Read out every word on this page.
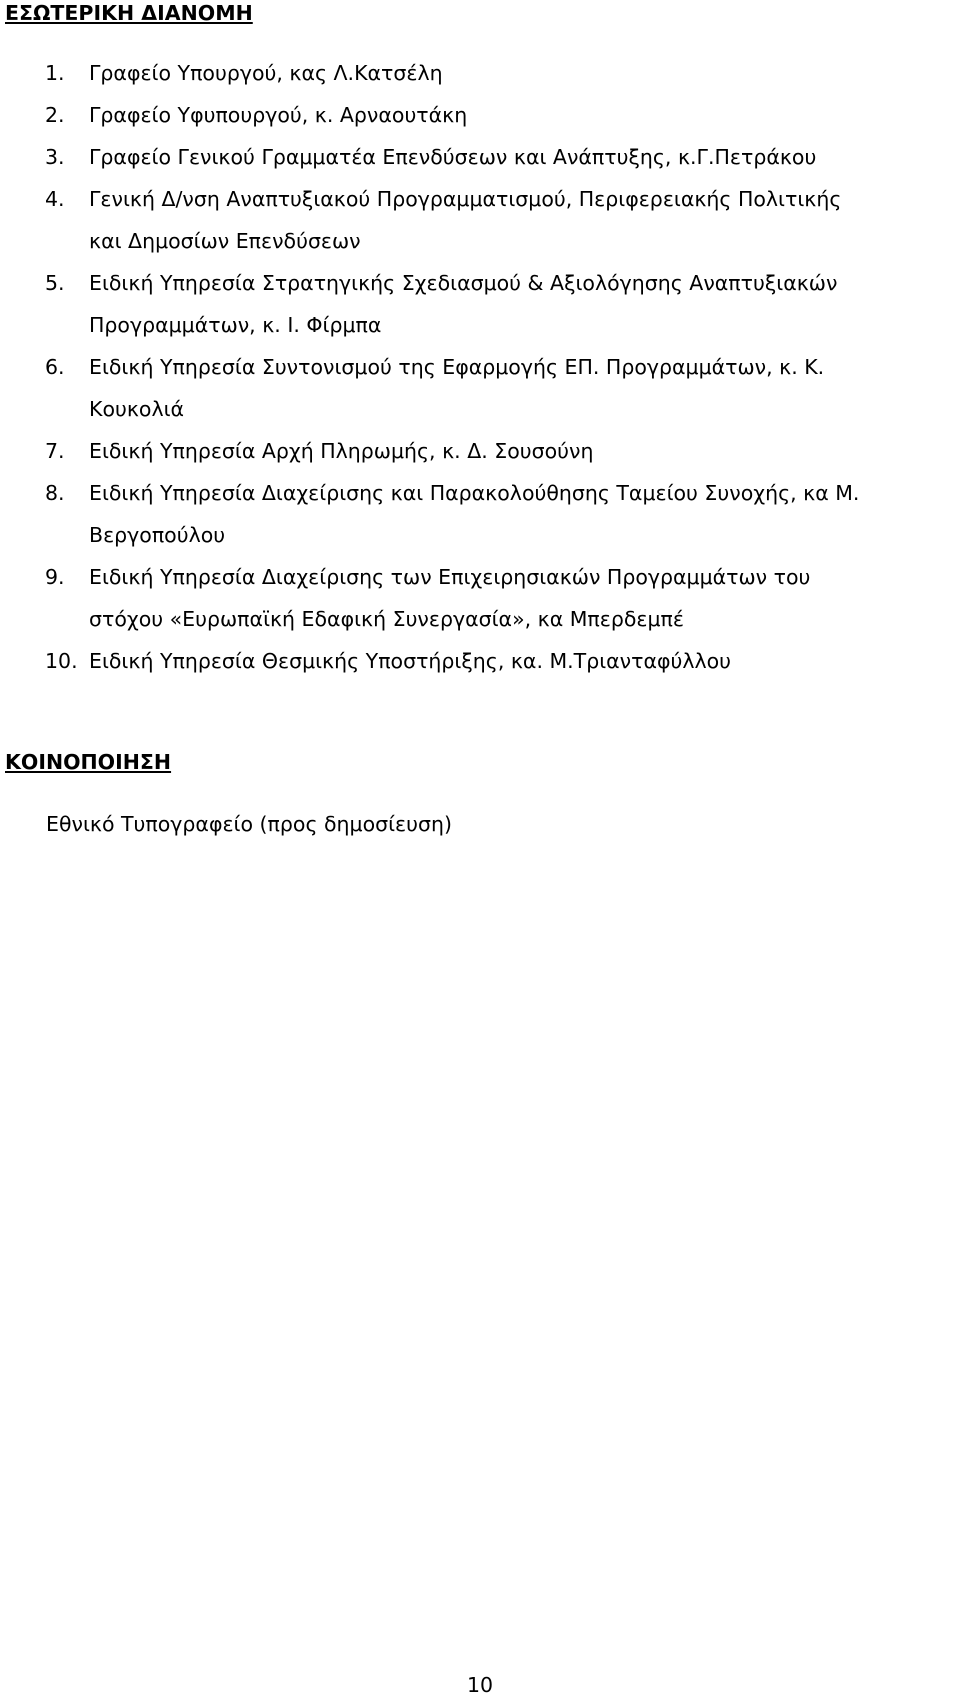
ΕΣΩΤΕΡΙΚΗ ΔΙΑΝΟΜΗ
1. Γραφείο Υπουργού, κας Λ.Κατσέλη
2. Γραφείο Υφυπουργού, κ. Αρναουτάκη
3. Γραφείο Γενικού Γραμματέα Επενδύσεων και Ανάπτυξης, κ.Γ.Πετράκου
4. Γενική Δ/νση Αναπτυξιακού Προγραμματισμού, Περιφερειακής Πολιτικής
και Δημοσίων Επενδύσεων
5. Ειδική Υπηρεσία Στρατηγικής Σχεδιασμού & Αξιολόγησης Αναπτυξιακών
Προγραμμάτων, κ. Ι. Φίρμπα
6. Ειδική Υπηρεσία Συντονισμού της Εφαρμογής ΕΠ. Προγραμμάτων, κ. Κ.
Κουκολιά
7. Ειδική Υπηρεσία Αρχή Πληρωμής, κ. Δ. Σουσούνη
8. Ειδική Υπηρεσία Διαχείρισης και Παρακολούθησης Ταμείου Συνοχής, κα Μ.
Βεργοπούλου
9. Ειδική Υπηρεσία Διαχείρισης των Επιχειρησιακών Προγραμμάτων του
στόχου «Ευρωπαϊκή Εδαφική Συνεργασία», κα Μπερδεμπέ
10. Ειδική Υπηρεσία Θεσμικής Υποστήριξης, κα. Μ.Τριανταφύλλου
ΚΟΙΝΟΠΟΙΗΣΗ
Εθνικό Τυπογραφείο (προς δημοσίευση)
10
